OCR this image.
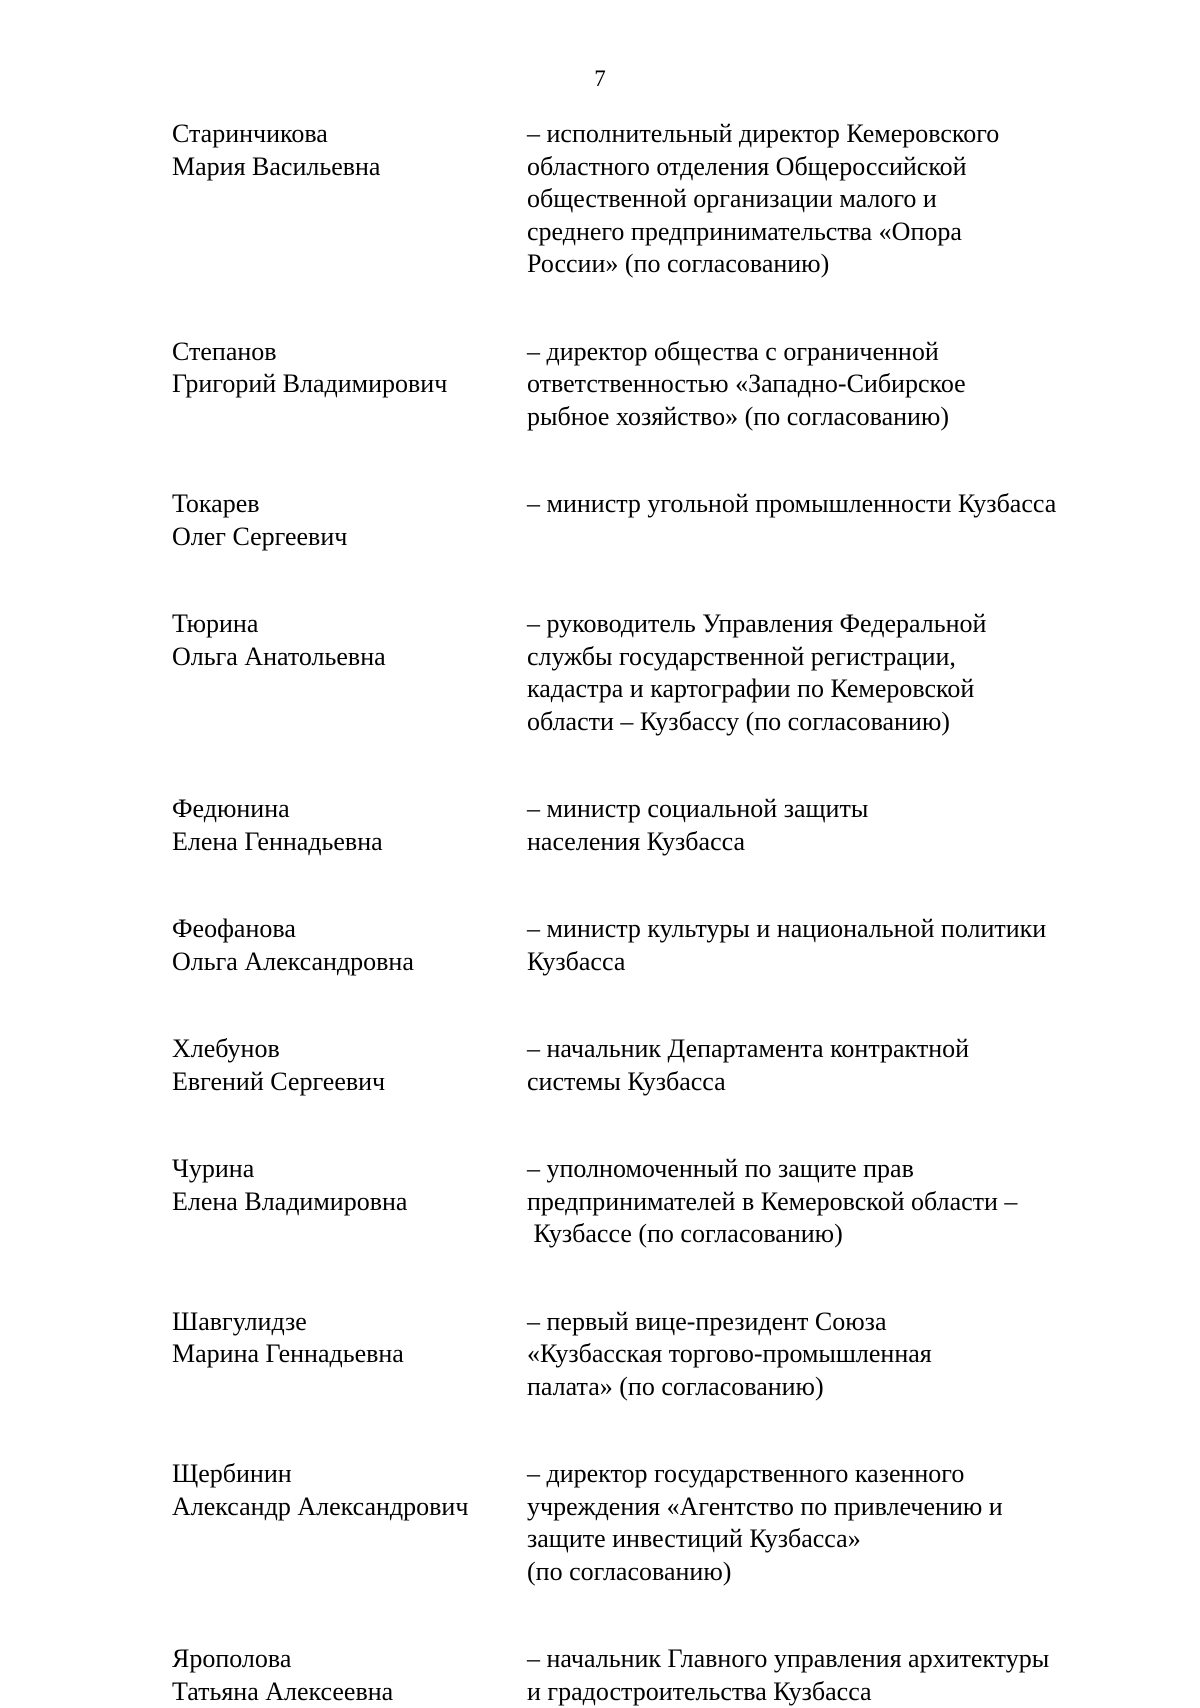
7
Старинчикова
Мария Васильевна
– исполнительный директор Кемеровского
областного отделения Общероссийской
общественной организации малого и
среднего предпринимательства «Опора
России» (по согласованию)
Степанов
Григорий Владимирович
– директор общества с ограниченной
ответственностью «Западно-Сибирское
рыбное хозяйство» (по согласованию)
Токарев
Олег Сергеевич
– министр угольной промышленности Кузбасса
Тюрина
Ольга Анатольевна
– руководитель Управления Федеральной
службы государственной регистрации,
кадастра и картографии по Кемеровской
области – Кузбассу (по согласованию)
Федюнина
Елена Геннадьевна
– министр социальной защиты
населения Кузбасса
Феофанова
Ольга Александровна
– министр культуры и национальной политики
Кузбасса
Хлебунов
Евгений Сергеевич
– начальник Департамента контрактной
системы Кузбасса
Чурина
Елена Владимировна
– уполномоченный по защите прав
предпринимателей в Кемеровской области –
Кузбассе (по согласованию)
Шавгулидзе
Марина Геннадьевна
– первый вице-президент Союза
«Кузбасская торгово-промышленная
палата» (по согласованию)
Щербинин
Александр Александрович
– директор государственного казенного
учреждения «Агентство по привлечению и
защите инвестиций Кузбасса»
(по согласованию)
Ярополова
Татьяна Алексеевна
– начальник Главного управления архитектуры
и градостроительства Кузбасса
